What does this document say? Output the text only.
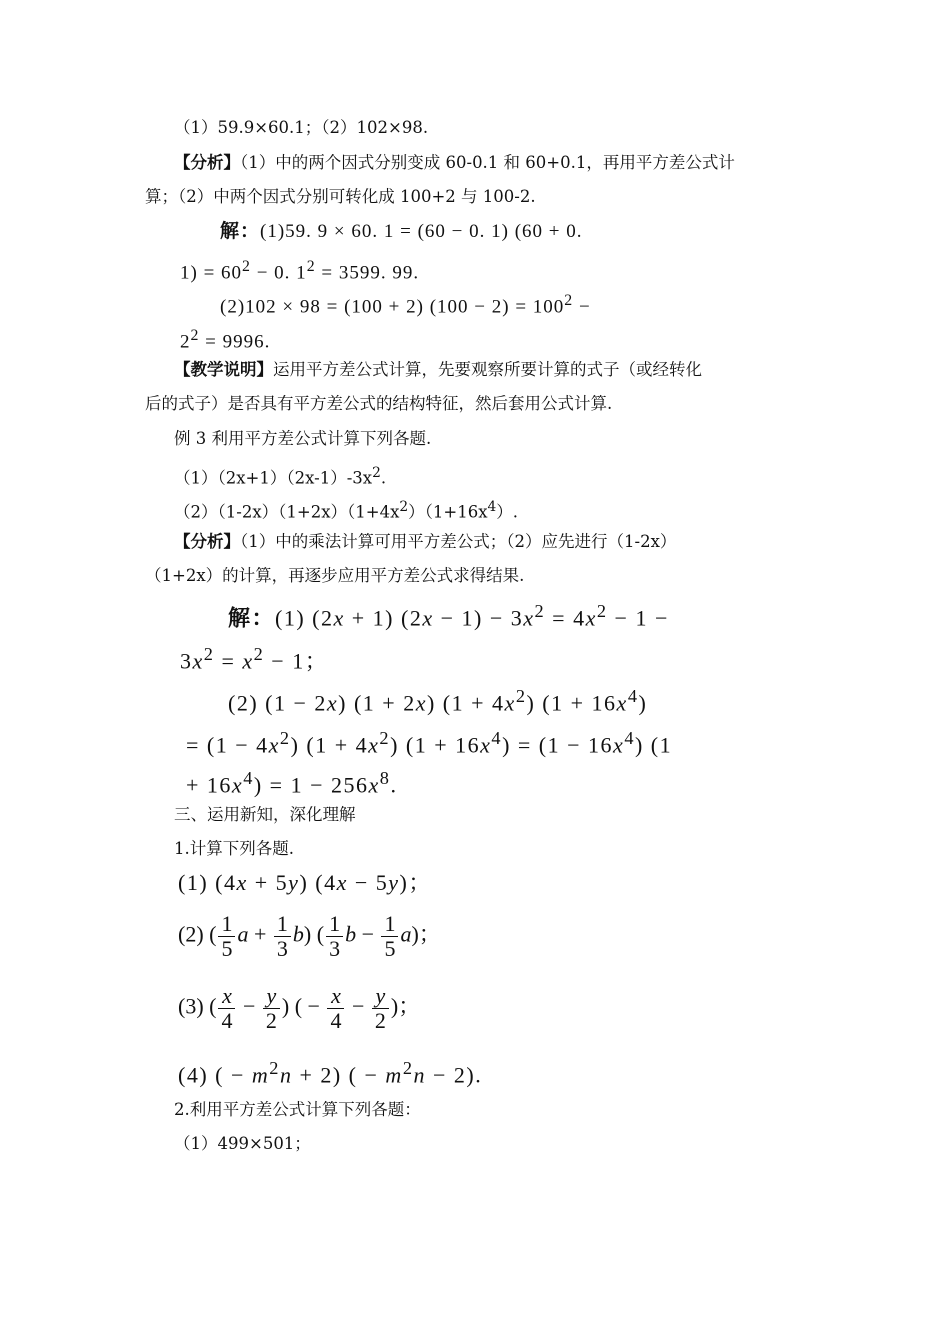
（1）59.9×60.1；（2）102×98.
【分析】（1）中的两个因式分别变成 60-0.1 和 60+0.1，再用平方差公式计
算；（2）中两个因式分别可转化成 100+2 与 100-2.
解：(1)59. 9 × 60. 1 = (60 − 0. 1) (60 + 0.
$1) = 60^2 - 0$. $1^2 = 3599$. 99.
(2)102 × 98 = (100 + 2) $(100 - 2) = 100^2$ −
$2^2 = 9996$.
【教学说明】运用平方差公式计算，先要观察所要计算的式子（或经转化
后的式子）是否具有平方差公式的结构特征，然后套用公式计算.
例 3 利用平方差公式计算下列各题.
$(1)(2x+1)(2x-1)-3x^2$.
$(2)(1-2x)(1+2x)(1+4x^2)(1+16x^4)$.
【分析】（1）中的乘法计算可用平方差公式；（2）应先进行（1-2x）
（1+2x）的计算，再逐步应用平方差公式求得结果.
解：(1) (2x + 1) $(2x - 1) - 3x^2 = 4x^2 - 1$ −
$3x^2 = x^2 - 1$；
(2) (1 − 2x) (1 + 2x) $(1 + 4x^2)$ $(1 + 16x^4)$
= $(1 - 4x^2)$ $(1 + 4x^2)$ $(1 + 16x^4) = (1 - 16x^4)$ (1
+ $16x^4) = 1 - 256x^8$.
三、运用新知，深化理解
1.计算下列各题.
(1) (4x + 5y) (4x − 5y)；
(2) ( $\frac{1}{5}$ $a + \frac{1}{3} b$) ( $\frac{1}{3}$ $b - \frac{1}{5} a$)；
(3) ( $\frac{x}{4} - \frac{y}{2}$ ) ( − $\frac{x}{4} - \frac{y}{2}$ )；
(4) ( − $m^2n + 2$) ( − $m^2n - 2$).
2.利用平方差公式计算下列各题：
（1）499×501；
